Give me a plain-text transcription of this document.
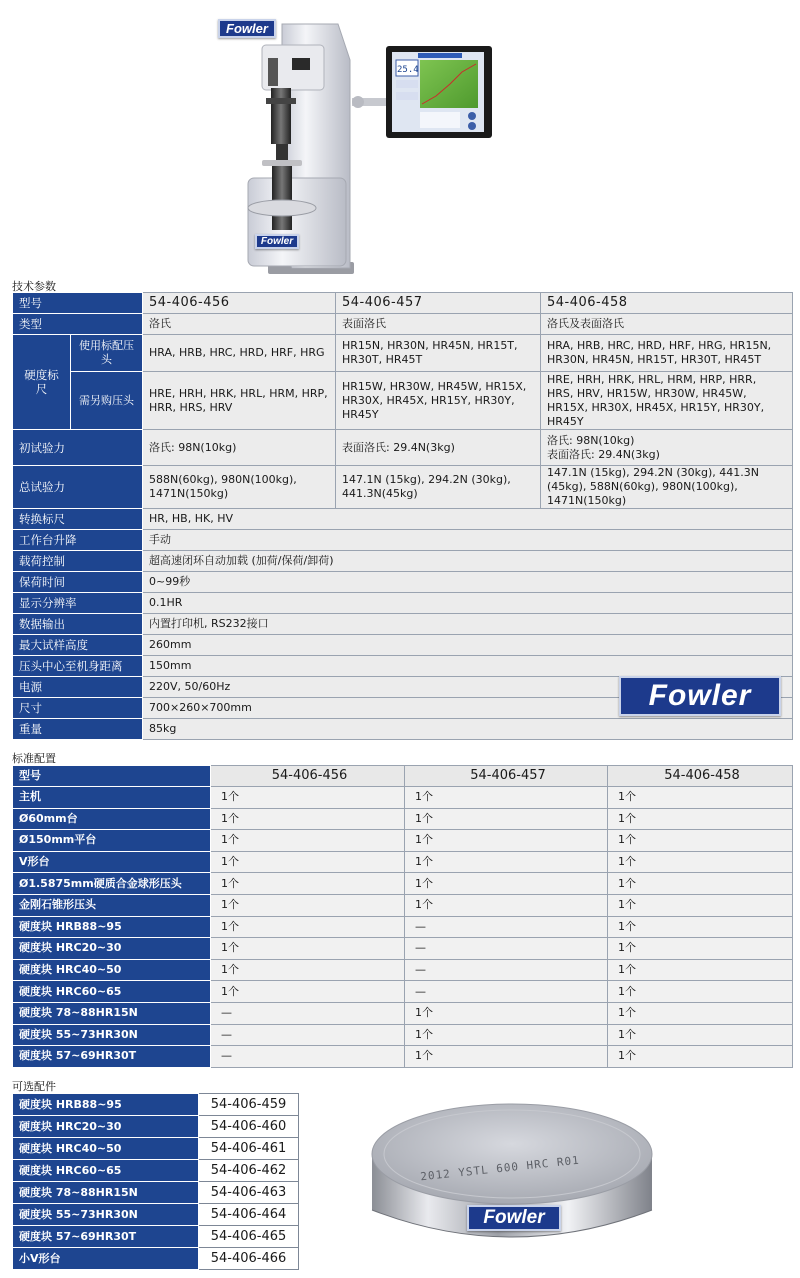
Fowler
25.4
Fowler
技术参数
型号		54-406-456	54-406-457	54-406-458
类型		洛氏	表面洛氏	洛氏及表面洛氏
硬度标尺	使用标配压头	HRA, HRB, HRC, HRD, HRF, HRG	HR15N, HR30N, HR45N, HR15T, HR30T, HR45T	HRA, HRB, HRC, HRD, HRF, HRG, HR15N, HR30N, HR45N, HR15T, HR30T, HR45T
	需另购压头	HRE, HRH, HRK, HRL, HRM, HRP, HRR, HRS, HRV	HR15W, HR30W, HR45W, HR15X, HR30X, HR45X, HR15Y, HR30Y, HR45Y	HRE, HRH, HRK, HRL, HRM, HRP, HRR, HRS, HRV, HR15W, HR30W, HR45W, HR15X, HR30X, HR45X, HR15Y, HR30Y, HR45Y
初试验力		洛氏: 98N(10kg)	表面洛氏: 29.4N(3kg)	洛氏: 98N(10kg)
表面洛氏: 29.4N(3kg)

总试验力		588N(60kg), 980N(100kg), 1471N(150kg)	147.1N (15kg), 294.2N (30kg), 441.3N(45kg)	147.1N (15kg), 294.2N (30kg), 441.3N (45kg), 588N(60kg), 980N(100kg), 1471N(150kg)
转换标尺		HR, HB, HK, HV		
工作台升降		手动		
载荷控制		超高速闭环自动加载 (加荷/保荷/卸荷)		
保荷时间		0~99秒		
显示分辨率		0.1HR		
数据输出		内置打印机, RS232接口		
最大试样高度		260mm		
压头中心至机身距离		150mm		
电源		220V, 50/60Hz		
尺寸		700×260×700mm		
重量		85kg		
Fowler
标准配置
型号	54-406-456	54-406-457	54-406-458
主机	1个	1个	1个
Ø60mm台	1个	1个	1个
Ø150mm平台	1个	1个	1个
V形台	1个	1个	1个
Ø1.5875mm硬质合金球形压头	1个	1个	1个
金刚石锥形压头	1个	1个	1个
硬度块 HRB88~95	1个	—	1个
硬度块 HRC20~30	1个	—	1个
硬度块 HRC40~50	1个	—	1个
硬度块 HRC60~65	1个	—	1个
硬度块 78~88HR15N	—	1个	1个
硬度块 55~73HR30N	—	1个	1个
硬度块 57~69HR30T	—	1个	1个
可选配件
硬度块 HRB88~95	54-406-459
硬度块 HRC20~30	54-406-460
硬度块 HRC40~50	54-406-461
硬度块 HRC60~65	54-406-462
硬度块 78~88HR15N	54-406-463
硬度块 55~73HR30N	54-406-464
硬度块 57~69HR30T	54-406-465
小V形台	54-406-466
2012 YSTL 600 HRC R01
Fowler
